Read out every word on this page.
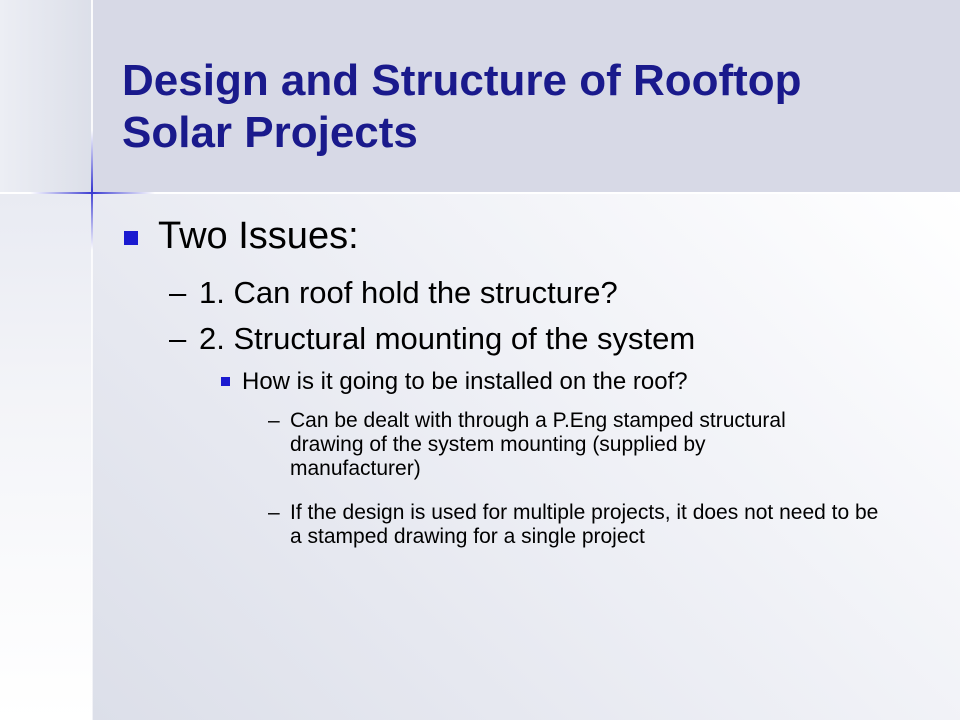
Design and Structure of Rooftop Solar Projects
Two Issues:
– 1. Can roof hold the structure?
– 2. Structural mounting of the system
How is it going to be installed on the roof?
– Can be dealt with through a P.Eng stamped structural drawing of the system mounting (supplied by manufacturer)
– If the design is used for multiple projects, it does not need to be a stamped drawing for a single project
